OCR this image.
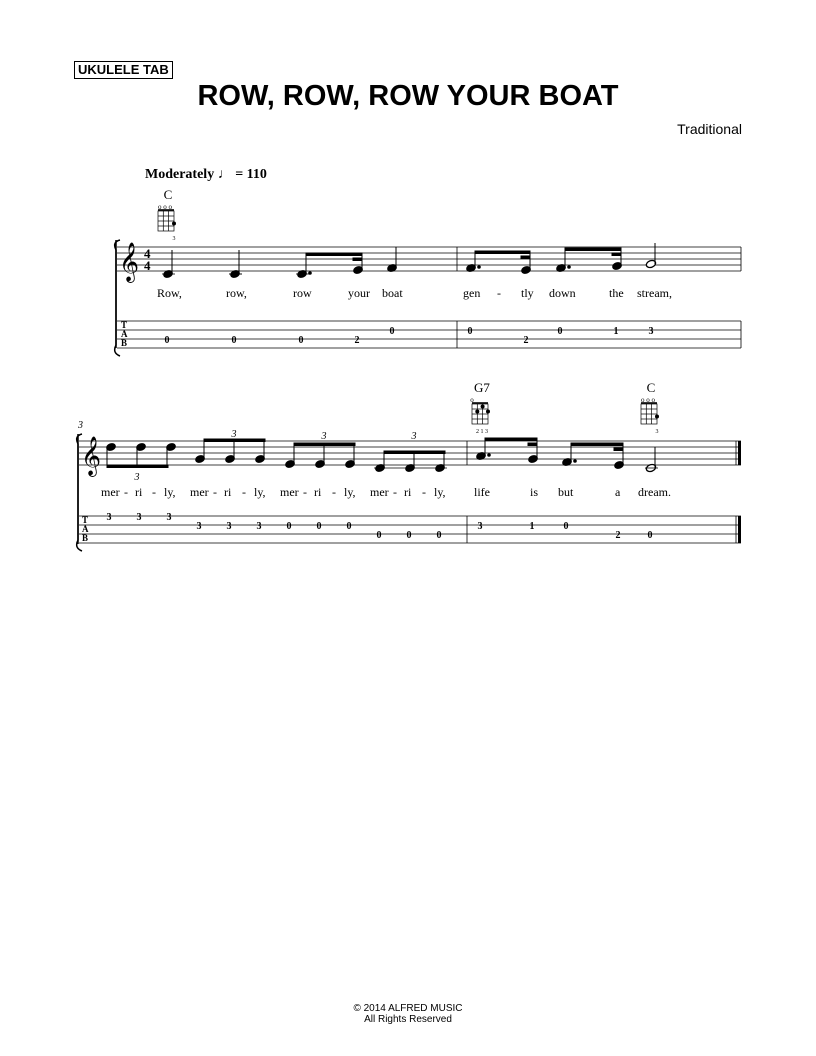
UKULELE TAB
ROW, ROW, ROW YOUR BOAT
Traditional
Moderately ♩ = 110
𝄞 4
4
Row,	row,	row	your boat	gen - tly down	the stream,
T
A
B	0	0	0	2
0	0
2
0	1	3
C
o o o
3
3
𝄞
3
3	3	3
mer - ri - ly, mer - ri - ly, mer - ri - ly, mer - ri - ly, life	is but	a dream.
T
A
B
3	3	3
3	3	3	0	0	0
0	0	0
3	1	0
2	0
G7
o
2 1 3
C
o o o
3
© 2014 ALFRED MUSIC
All Rights Reserved
